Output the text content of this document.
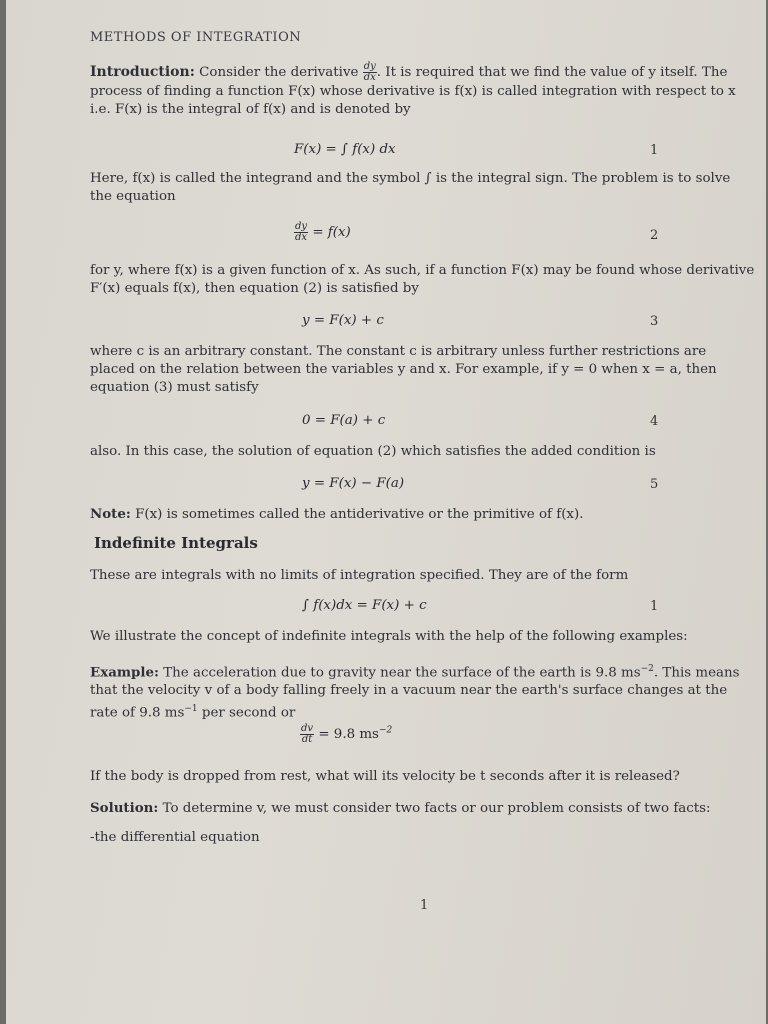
METHODS OF INTEGRATION
Introduction: Consider the derivative $\frac{dy}{dx}$ . It is required that we find the value of y itself. The process of finding a function F(x) whose derivative is f(x) is called integration with respect to x i.e. F(x) is the integral of f(x) and is denoted by
F(x) = ∫ f(x) dx	1
Here, f(x) is called the integrand and the symbol ∫ is the integral sign. The problem is to solve the equation
$\frac{dy}{dx} = f(x)$	2
for y, where f(x) is a given function of x. As such, if a function F(x) may be found whose derivative F′(x) equals f(x), then equation (2) is satisfied by
y = F(x) + c	3
where c is an arbitrary constant. The constant c is arbitrary unless further restrictions are placed on the relation between the variables y and x. For example, if y = 0 when x = a, then equation (3) must satisfy
0 = F(a) + c	4
also. In this case, the solution of equation (2) which satisfies the added condition is
y = F(x) − F(a)	5
Note: F(x) is sometimes called the antiderivative or the primitive of f(x).
Indefinite Integrals
These are integrals with no limits of integration specified. They are of the form
∫ f(x)dx = F(x) + c	1
We illustrate the concept of indefinite integrals with the help of the following examples:
Example: The acceleration due to gravity near the surface of the earth is 9.8 $ms^{-2}$. This means that the velocity v of a body falling freely in a vacuum near the earth's surface changes at the rate of 9.8 $ms^{-1}$ per second or
$\frac{dv}{dt} = 9.8$ $ms^{-2}$
If the body is dropped from rest, what will its velocity be t seconds after it is released?
Solution: To determine v, we must consider two facts or our problem consists of two facts:
-the differential equation
1
